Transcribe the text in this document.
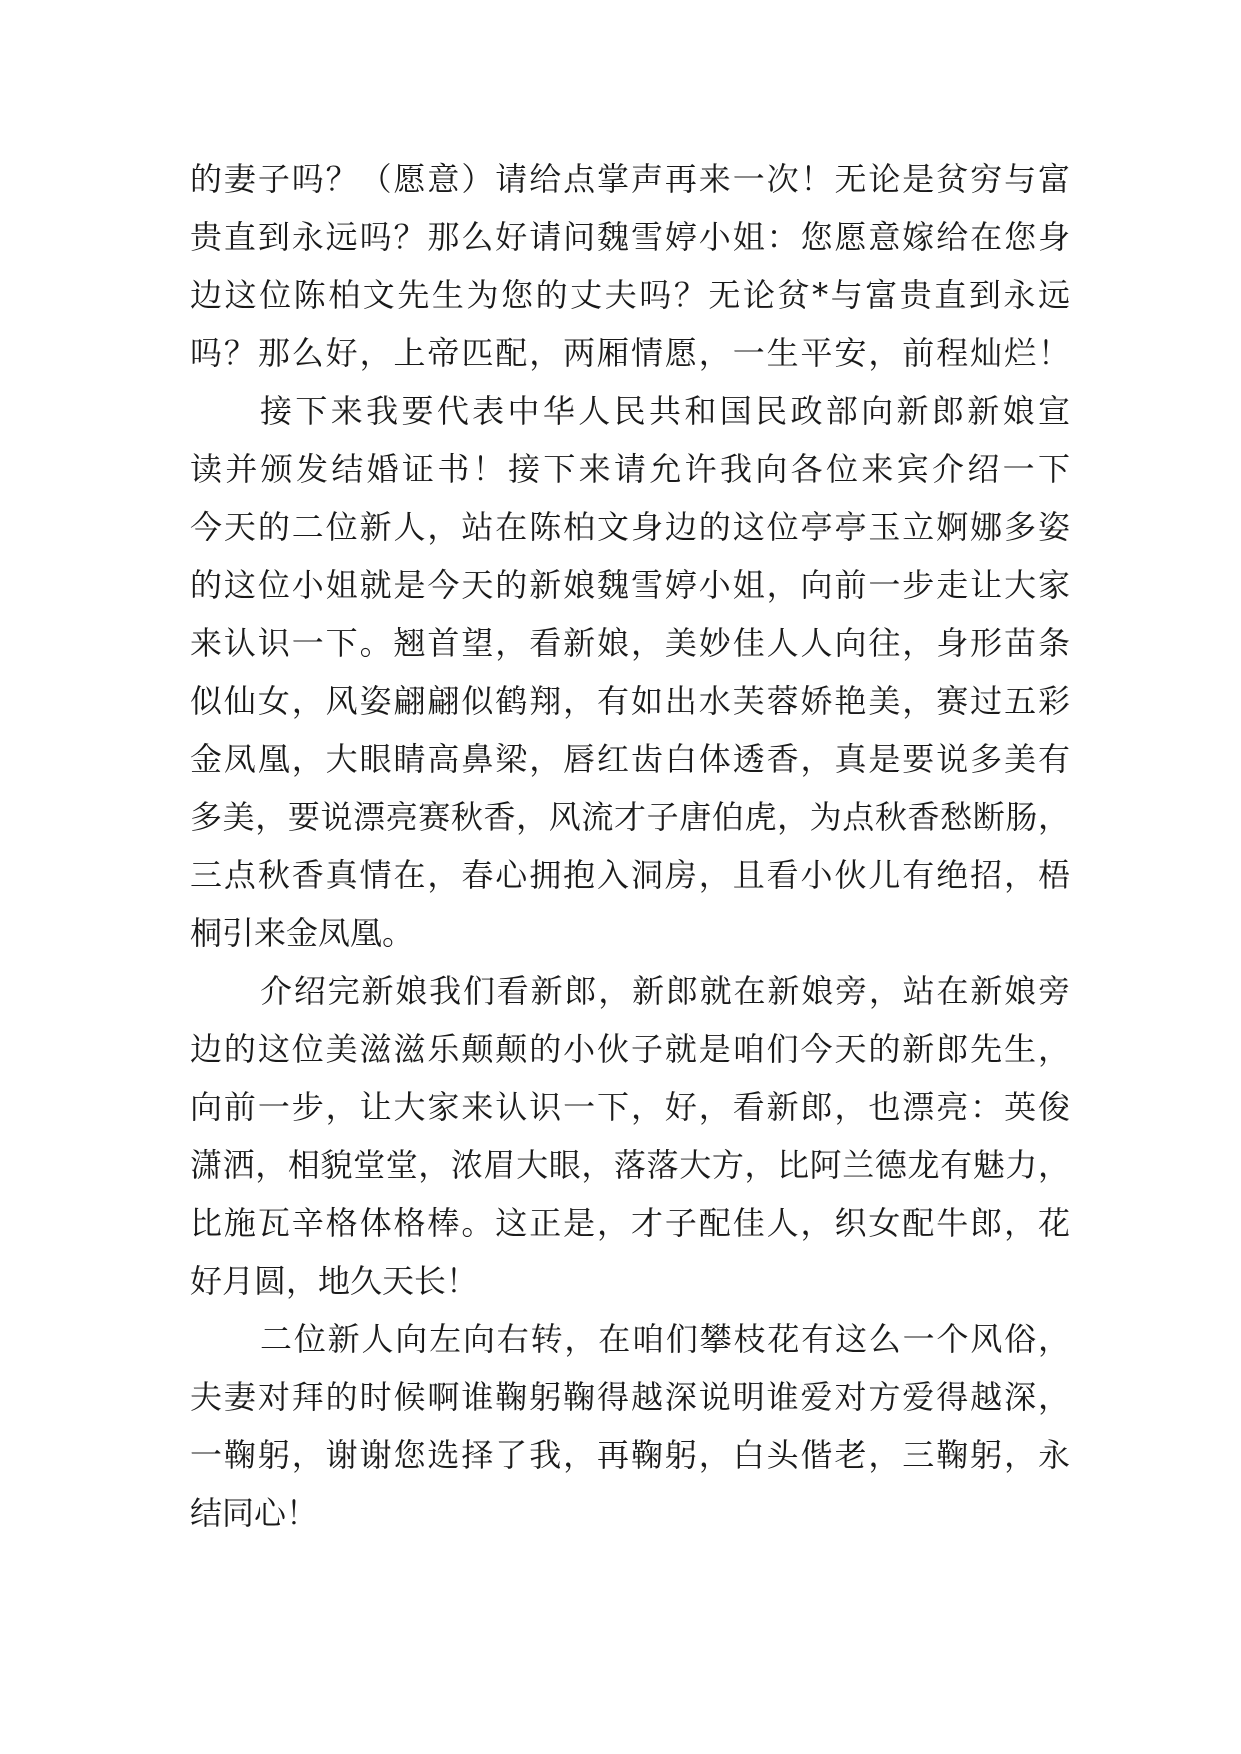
的妻子吗？（愿意）请给点掌声再来一次！无论是贫穷与富
贵直到永远吗？那么好请问魏雪婷小姐：您愿意嫁给在您身
边这位陈柏文先生为您的丈夫吗？无论贫*与富贵直到永远
吗？那么好，上帝匹配，两厢情愿，一生平安，前程灿烂！
接下来我要代表中华人民共和国民政部向新郎新娘宣
读并颁发结婚证书！接下来请允许我向各位来宾介绍一下
今天的二位新人，站在陈柏文身边的这位亭亭玉立婀娜多姿
的这位小姐就是今天的新娘魏雪婷小姐，向前一步走让大家
来认识一下。翘首望，看新娘，美妙佳人人向往，身形苗条
似仙女，风姿翩翩似鹤翔，有如出水芙蓉娇艳美，赛过五彩
金凤凰，大眼睛高鼻梁，唇红齿白体透香，真是要说多美有
多美，要说漂亮赛秋香，风流才子唐伯虎，为点秋香愁断肠，
三点秋香真情在，春心拥抱入洞房，且看小伙儿有绝招，梧
桐引来金凤凰。
介绍完新娘我们看新郎，新郎就在新娘旁，站在新娘旁
边的这位美滋滋乐颠颠的小伙子就是咱们今天的新郎先生，
向前一步，让大家来认识一下，好，看新郎，也漂亮：英俊
潇洒，相貌堂堂，浓眉大眼，落落大方，比阿兰德龙有魅力，
比施瓦辛格体格棒。这正是，才子配佳人，织女配牛郎，花
好月圆，地久天长！
二位新人向左向右转，在咱们攀枝花有这么一个风俗，
夫妻对拜的时候啊谁鞠躬鞠得越深说明谁爱对方爱得越深，
一鞠躬，谢谢您选择了我，再鞠躬，白头偕老，三鞠躬，永
结同心！
